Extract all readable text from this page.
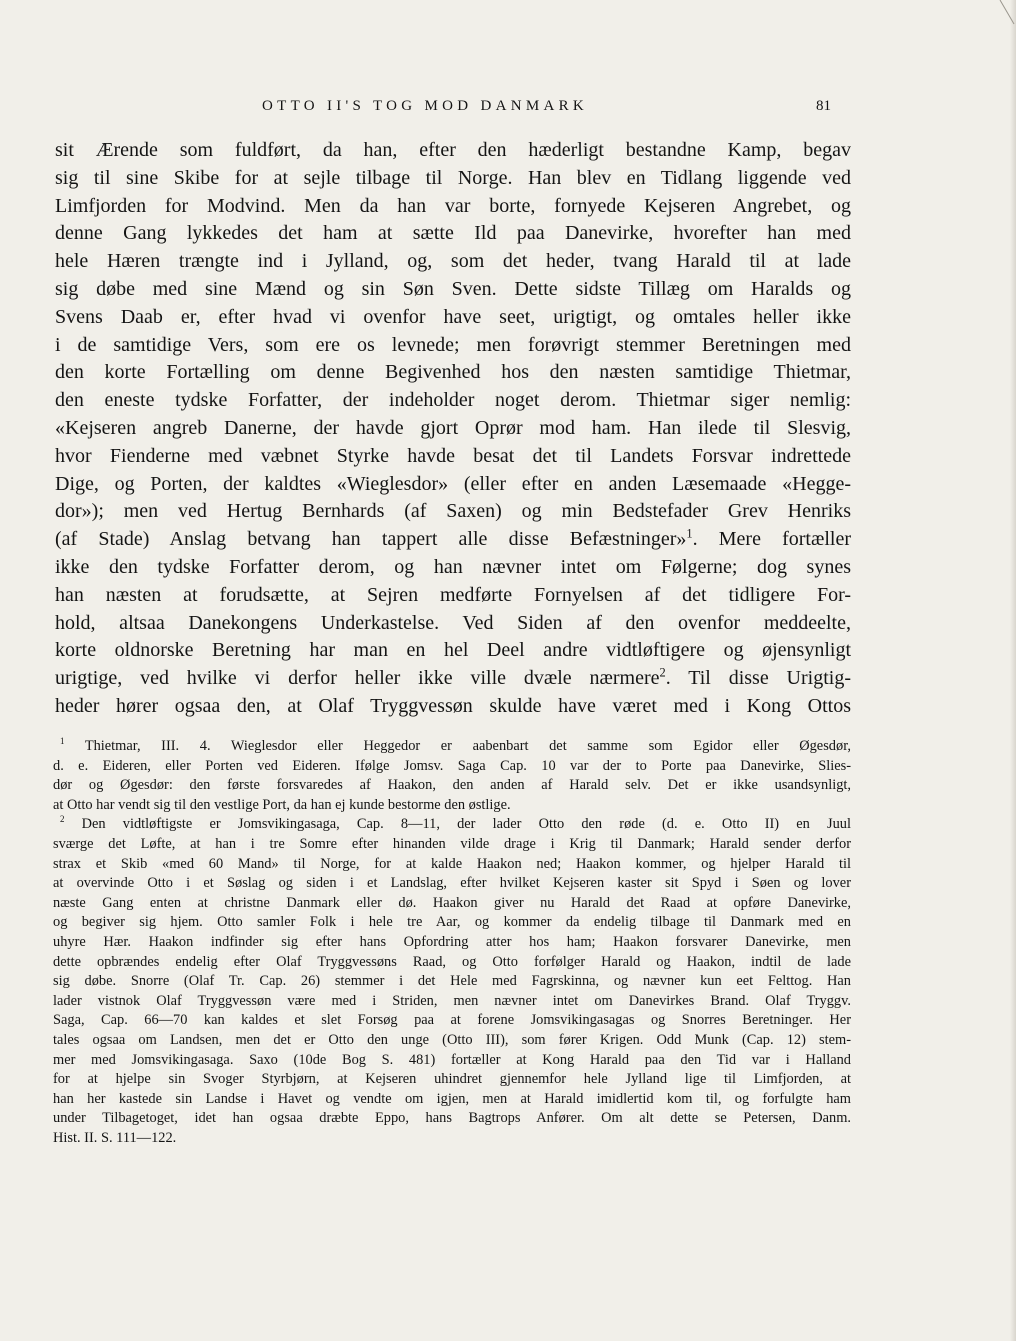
OTTO II'S TOG MOD DANMARK	81
sit Ærende som fuldført, da han, efter den hæderligt bestandne Kamp, begav
sig til sine Skibe for at sejle tilbage til Norge. Han blev en Tidlang liggende ved
Limfjorden for Modvind. Men da han var borte, fornyede Kejseren Angrebet, og
denne Gang lykkedes det ham at sætte Ild paa Danevirke, hvorefter han med
hele Hæren trængte ind i Jylland, og, som det heder, tvang Harald til at lade
sig døbe med sine Mænd og sin Søn Sven. Dette sidste Tillæg om Haralds og
Svens Daab er, efter hvad vi ovenfor have seet, urigtigt, og omtales heller ikke
i de samtidige Vers, som ere os levnede; men forøvrigt stemmer Beretningen med
den korte Fortælling om denne Begivenhed hos den næsten samtidige Thietmar,
den eneste tydske Forfatter, der indeholder noget derom. Thietmar siger nemlig:
«Kejseren angreb Danerne, der havde gjort Oprør mod ham. Han ilede til Slesvig,
hvor Fienderne med væbnet Styrke havde besat det til Landets Forsvar indrettede
Dige, og Porten, der kaldtes «Wieglesdor» (eller efter en anden Læsemaade «Hegge-
dor»); men ved Hertug Bernhards (af Saxen) og min Bedstefader Grev Henriks
(af Stade) Anslag betvang han tappert alle disse Befæstninger»$^1$. Mere fortæller
ikke den tydske Forfatter derom, og han nævner intet om Følgerne; dog synes
han næsten at forudsætte, at Sejren medførte Fornyelsen af det tidligere For-
hold, altsaa Danekongens Underkastelse. Ved Siden af den ovenfor meddeelte,
korte oldnorske Beretning har man en hel Deel andre vidtløftigere og øjensynligt
urigtige, ved hvilke vi derfor heller ikke ville dvæle nærmere$^2$. Til disse Urigtig-
heder hører ogsaa den, at Olaf Tryggvessøn skulde have været med i Kong Ottos
$^1$ Thietmar, III. 4. Wieglesdor eller Heggedor er aabenbart det samme som Egidor eller Øgesdør,
d. e. Eideren, eller Porten ved Eideren. Ifølge Jomsv. Saga Cap. 10 var der to Porte paa Danevirke, Slies-
dør og Øgesdør: den første forsvaredes af Haakon, den anden af Harald selv. Det er ikke usandsynligt,
at Otto har vendt sig til den vestlige Port, da han ej kunde bestorme den østlige.
$^2$ Den vidtløftigste er Jomsvikingasaga, Cap. 8—11, der lader Otto den røde (d. e. Otto II) en Juul
sværge det Løfte, at han i tre Somre efter hinanden vilde drage i Krig til Danmark; Harald sender derfor
strax et Skib «med 60 Mand» til Norge, for at kalde Haakon ned; Haakon kommer, og hjelper Harald til
at overvinde Otto i et Søslag og siden i et Landslag, efter hvilket Kejseren kaster sit Spyd i Søen og lover
næste Gang enten at christne Danmark eller dø. Haakon giver nu Harald det Raad at opføre Danevirke,
og begiver sig hjem. Otto samler Folk i hele tre Aar, og kommer da endelig tilbage til Danmark med en
uhyre Hær. Haakon indfinder sig efter hans Opfordring atter hos ham; Haakon forsvarer Danevirke, men
dette opbrændes endelig efter Olaf Tryggvessøns Raad, og Otto forfølger Harald og Haakon, indtil de lade
sig døbe. Snorre (Olaf Tr. Cap. 26) stemmer i det Hele med Fagrskinna, og nævner kun eet Felttog. Han
lader vistnok Olaf Tryggvessøn være med i Striden, men nævner intet om Danevirkes Brand. Olaf Tryggv.
Saga, Cap. 66—70 kan kaldes et slet Forsøg paa at forene Jomsvikingasagas og Snorres Beretninger. Her
tales ogsaa om Landsen, men det er Otto den unge (Otto III), som fører Krigen. Odd Munk (Cap. 12) stem-
mer med Jomsvikingasaga. Saxo (10de Bog S. 481) fortæller at Kong Harald paa den Tid var i Halland
for at hjelpe sin Svoger Styrbjørn, at Kejseren uhindret gjennemfor hele Jylland lige til Limfjorden, at
han her kastede sin Landse i Havet og vendte om igjen, men at Harald imidlertid kom til, og forfulgte ham
under Tilbagetoget, idet han ogsaa dræbte Eppo, hans Bagtrops Anfører. Om alt dette se Petersen, Danm.
Hist. II. S. 111—122.
